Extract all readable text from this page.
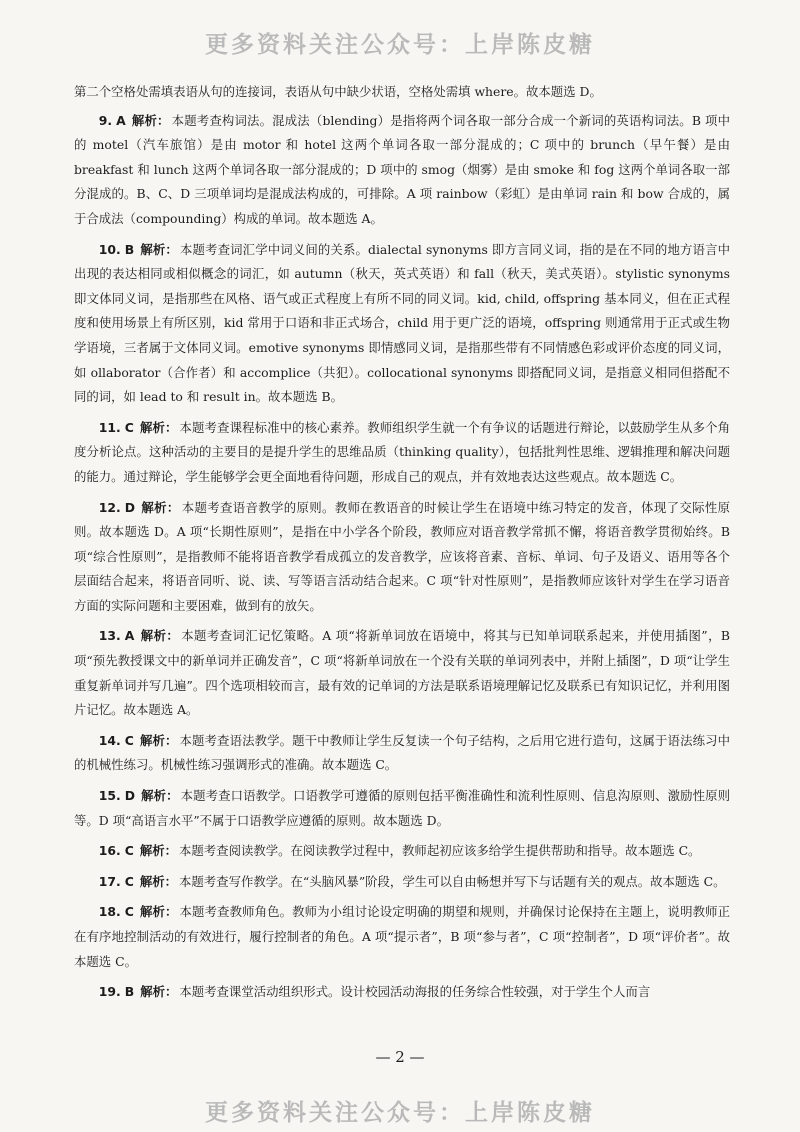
更多资料关注公众号：上岸陈皮糖

第二个空格处需填表语从句的连接词，表语从句中缺少状语，空格处需填 where。故本题选 D。

9. A 解析： 本题考查构词法。混成法（blending）是指将两个词各取一部分合成一个新词的英语构词法。B 项中的 motel（汽车旅馆）是由 motor 和 hotel 这两个单词各取一部分混成的；C 项中的 brunch（早午餐）是由 breakfast 和 lunch 这两个单词各取一部分混成的；D 项中的 smog（烟雾）是由 smoke 和 fog 这两个单词各取一部分混成的。B、C、D 三项单词均是混成法构成的，可排除。A 项 rainbow（彩虹）是由单词 rain 和 bow 合成的，属于合成法（compounding）构成的单词。故本题选 A。

10. B 解析： 本题考查词汇学中词义间的关系。dialectal synonyms 即方言同义词，指的是在不同的地方语言中出现的表达相同或相似概念的词汇，如 autumn（秋天，英式英语）和 fall（秋天，美式英语）。stylistic synonyms 即文体同义词，是指那些在风格、语气或正式程度上有所不同的同义词。kid, child, offspring 基本同义，但在正式程度和使用场景上有所区别，kid 常用于口语和非正式场合，child 用于更广泛的语境，offspring 则通常用于正式或生物学语境，三者属于文体同义词。emotive synonyms 即情感同义词，是指那些带有不同情感色彩或评价态度的同义词，如 ollaborator（合作者）和 accomplice（共犯）。collocational synonyms 即搭配同义词，是指意义相同但搭配不同的词，如 lead to 和 result in。故本题选 B。

11. C 解析： 本题考查课程标准中的核心素养。教师组织学生就一个有争议的话题进行辩论，以鼓励学生从多个角度分析论点。这种活动的主要目的是提升学生的思维品质（thinking quality），包括批判性思维、逻辑推理和解决问题的能力。通过辩论，学生能够学会更全面地看待问题，形成自己的观点，并有效地表达这些观点。故本题选 C。

12. D 解析： 本题考查语音教学的原则。教师在教语音的时候让学生在语境中练习特定的发音，体现了交际性原则。故本题选 D。A 项“长期性原则”，是指在中小学各个阶段，教师应对语音教学常抓不懈，将语音教学贯彻始终。B 项“综合性原则”，是指教师不能将语音教学看成孤立的发音教学，应该将音素、音标、单词、句子及语义、语用等各个层面结合起来，将语音同听、说、读、写等语言活动结合起来。C 项“针对性原则”，是指教师应该针对学生在学习语音方面的实际问题和主要困难，做到有的放矢。

13. A 解析： 本题考查词汇记忆策略。A 项“将新单词放在语境中，将其与已知单词联系起来，并使用插图”，B 项“预先教授课文中的新单词并正确发音”，C 项“将新单词放在一个没有关联的单词列表中，并附上插图”，D 项“让学生重复新单词并写几遍”。四个选项相较而言，最有效的记单词的方法是联系语境理解记忆及联系已有知识记忆，并利用图片记忆。故本题选 A。

14. C 解析： 本题考查语法教学。题干中教师让学生反复读一个句子结构，之后用它进行造句，这属于语法练习中的机械性练习。机械性练习强调形式的准确。故本题选 C。

15. D 解析： 本题考查口语教学。口语教学可遵循的原则包括平衡准确性和流利性原则、信息沟原则、激励性原则等。D 项“高语言水平”不属于口语教学应遵循的原则。故本题选 D。

16. C 解析： 本题考查阅读教学。在阅读教学过程中，教师起初应该多给学生提供帮助和指导。故本题选 C。

17. C 解析： 本题考查写作教学。在“头脑风暴”阶段，学生可以自由畅想并写下与话题有关的观点。故本题选 C。

18. C 解析： 本题考查教师角色。教师为小组讨论设定明确的期望和规则，并确保讨论保持在主题上，说明教师正在有序地控制活动的有效进行，履行控制者的角色。A 项“提示者”，B 项“参与者”，C 项“控制者”，D 项“评价者”。故本题选 C。

19. B 解析： 本题考查课堂活动组织形式。设计校园活动海报的任务综合性较强，对于学生个人而言

— 2 —
更多资料关注公众号：上岸陈皮糖
